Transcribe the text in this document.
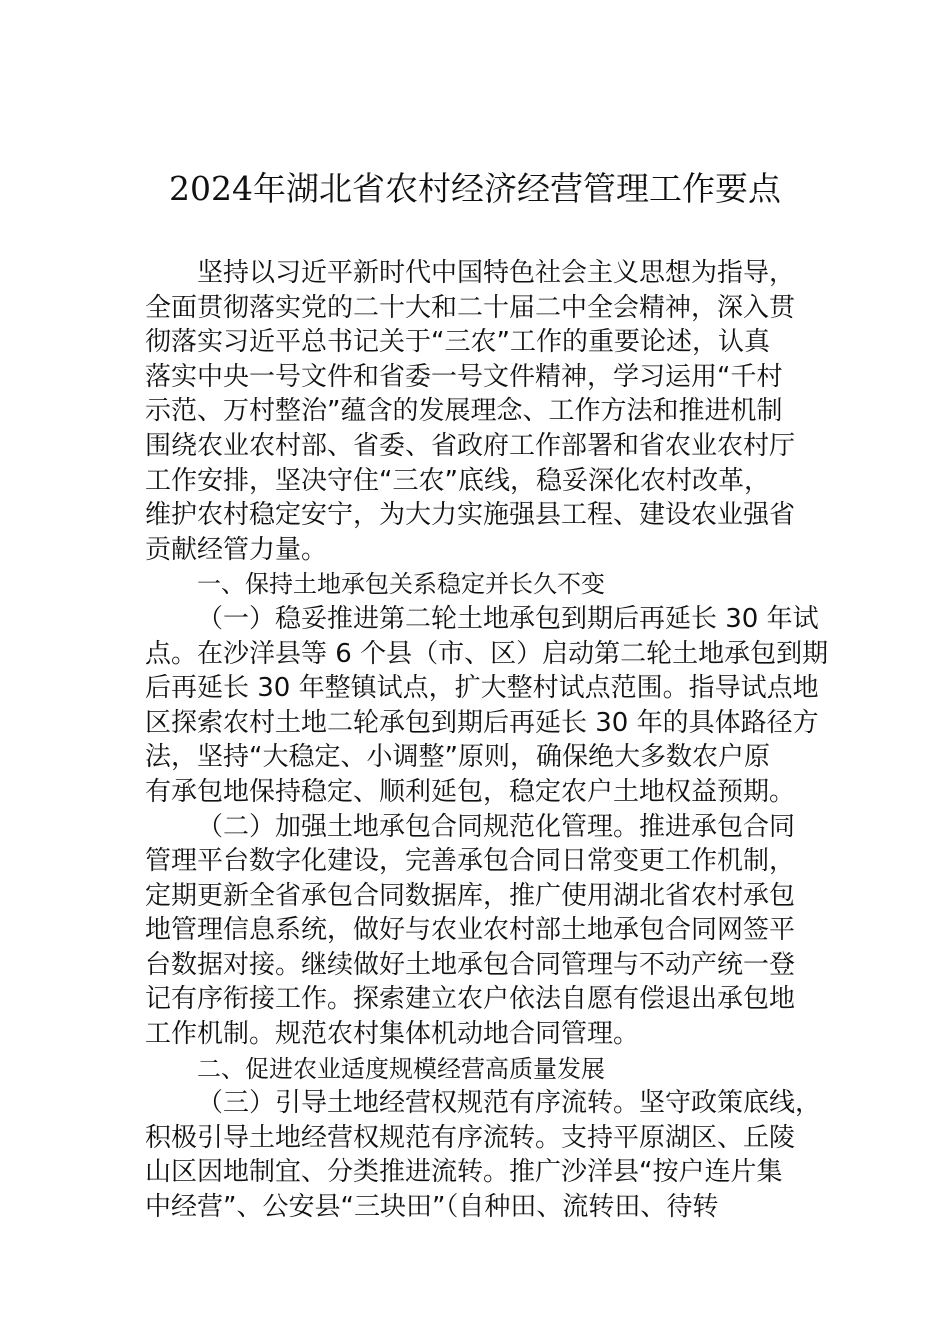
2024年湖北省农村经济经营管理工作要点
坚持以习近平新时代中国特色社会主义思想为指导，
全面贯彻落实党的二十大和二十届二中全会精神，深入贯
彻落实习近平总书记关于“三农”工作的重要论述，认真
落实中央一号文件和省委一号文件精神，学习运用“千村
示范、万村整治”蕴含的发展理念、工作方法和推进机制
围绕农业农村部、省委、省政府工作部署和省农业农村厅
工作安排，坚决守住“三农”底线，稳妥深化农村改革，
维护农村稳定安宁，为大力实施强县工程、建设农业强省
贡献经管力量。
一、保持土地承包关系稳定并长久不变
（一）稳妥推进第二轮土地承包到期后再延长 30 年试
点。在沙洋县等 6 个县（市、区）启动第二轮土地承包到期
后再延长 30 年整镇试点，扩大整村试点范围。指导试点地
区探索农村土地二轮承包到期后再延长 30 年的具体路径方
法，坚持“大稳定、小调整”原则，确保绝大多数农户原
有承包地保持稳定、顺利延包，稳定农户土地权益预期。
（二）加强土地承包合同规范化管理。推进承包合同
管理平台数字化建设，完善承包合同日常变更工作机制，
定期更新全省承包合同数据库，推广使用湖北省农村承包
地管理信息系统，做好与农业农村部土地承包合同网签平
台数据对接。继续做好土地承包合同管理与不动产统一登
记有序衔接工作。探索建立农户依法自愿有偿退出承包地
工作机制。规范农村集体机动地合同管理。
二、促进农业适度规模经营高质量发展
（三）引导土地经营权规范有序流转。坚守政策底线，
积极引导土地经营权规范有序流转。支持平原湖区、丘陵
山区因地制宜、分类推进流转。推广沙洋县“按户连片集
中经营”、公安县“三块田”（自种田、流转田、待转
